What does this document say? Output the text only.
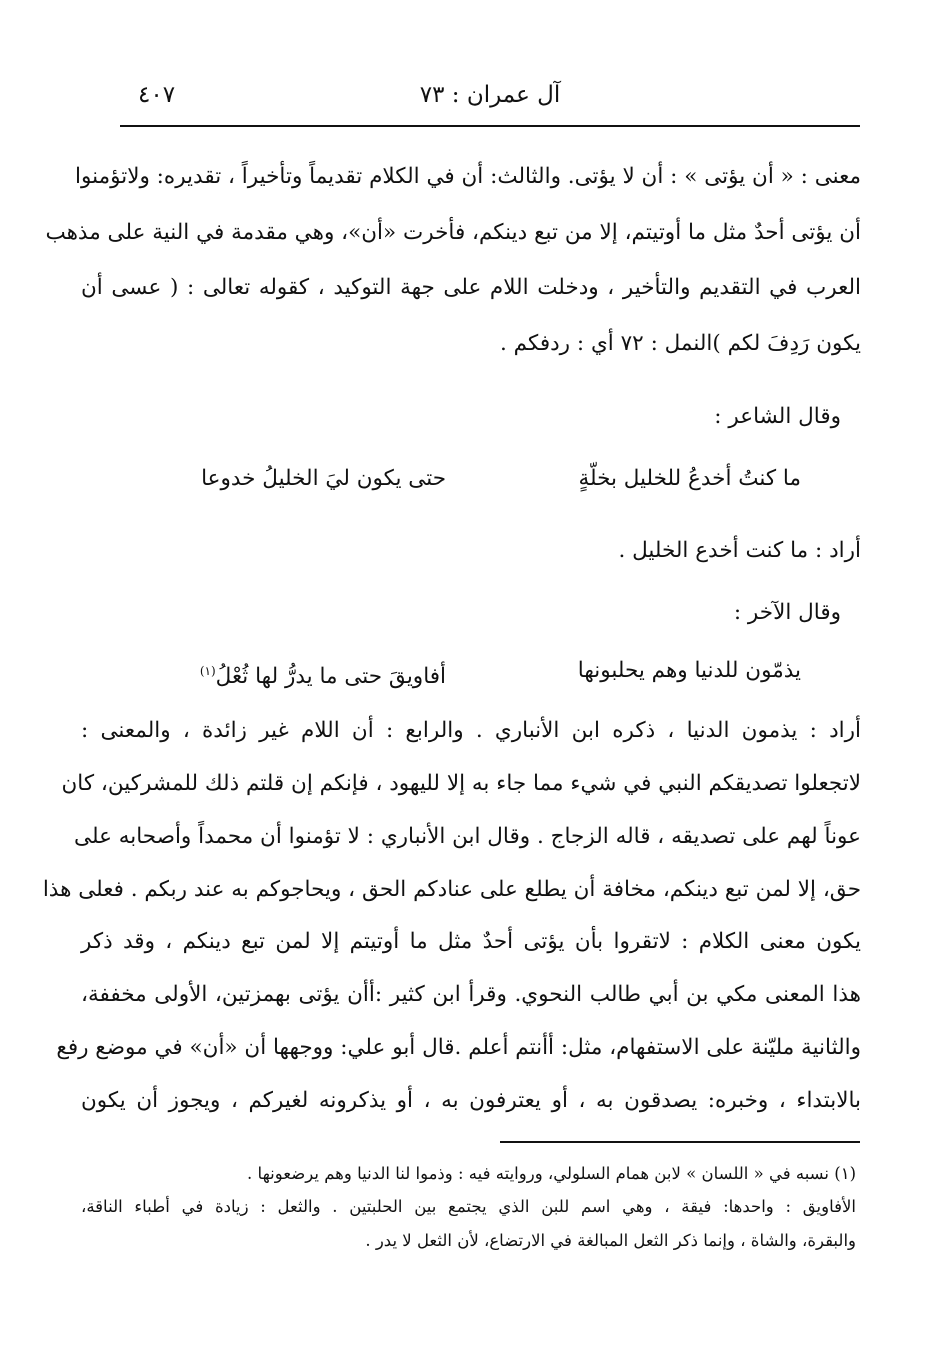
آل عمران : ٧٣
٤٠٧
معنى : « أن يؤتى » : أن لا يؤتى. والثالث: أن في الكلام تقديماً وتأخيراً ، تقديره: ولاتؤمنوا
أن يؤتى أحدٌ مثل ما أوتيتم، إلا من تبع دينكم، فأخرت «أن»، وهي مقدمة في النية على مذهب
العرب في التقديم والتأخير ، ودخلت اللام على جهة التوكيد ، كقوله تعالى : ( عسى أن
يكون رَدِفَ لكم )النمل : ٧٢ أي : ردفكم .
وقال الشاعر :
ما كنتُ أخدعُ للخليل بخلّةٍ
حتى يكون ليَ الخليلُ خدوعا
أراد : ما كنت أخدع الخليل .
وقال الآخر :
يذمّون للدنيا وهم يحلبونها
أفاويقَ حتى ما يدرُّ لها ثُعْلُ$^{(١)}$
أراد : يذمون الدنيا ، ذكره ابن الأنباري . والرابع : أن اللام غير زائدة ، والمعنى :
لاتجعلوا تصديقكم النبي في شيء مما جاء به إلا لليهود ، فإنكم إن قلتم ذلك للمشركين، كان
عوناً لهم على تصديقه ، قاله الزجاج . وقال ابن الأنباري : لا تؤمنوا أن محمداً وأصحابه على
حق، إلا لمن تبع دينكم، مخافة أن يطلع على عنادكم الحق ، ويحاجوكم به عند ربكم . فعلى هذا
يكون معنى الكلام : لاتقروا بأن يؤتى أحدٌ مثل ما أوتيتم إلا لمن تبع دينكم ، وقد ذكر
هذا المعنى مكي بن أبي طالب النحوي. وقرأ ابن كثير :أأن يؤتى بهمزتين، الأولى مخففة،
والثانية مليّنة على الاستفهام، مثل: أأنتم أعلم .قال أبو علي: ووجهها أن «أن» في موضع رفع
بالابتداء ، وخبره: يصدقون به ، أو يعترفون به ، أو يذكرونه لغيركم ، ويجوز أن يكون
(١) نسبه في « اللسان » لابن همام السلولي، وروايته فيه : وذموا لنا الدنيا وهم يرضعونها .
الأفاويق : واحدها: فيقة ، وهي اسم للبن الذي يجتمع بين الحلبتين . والثعل : زيادة في أطباء الناقة،
والبقرة، والشاة ، وإنما ذكر الثعل المبالغة في الارتضاع، لأن الثعل لا يدر .
